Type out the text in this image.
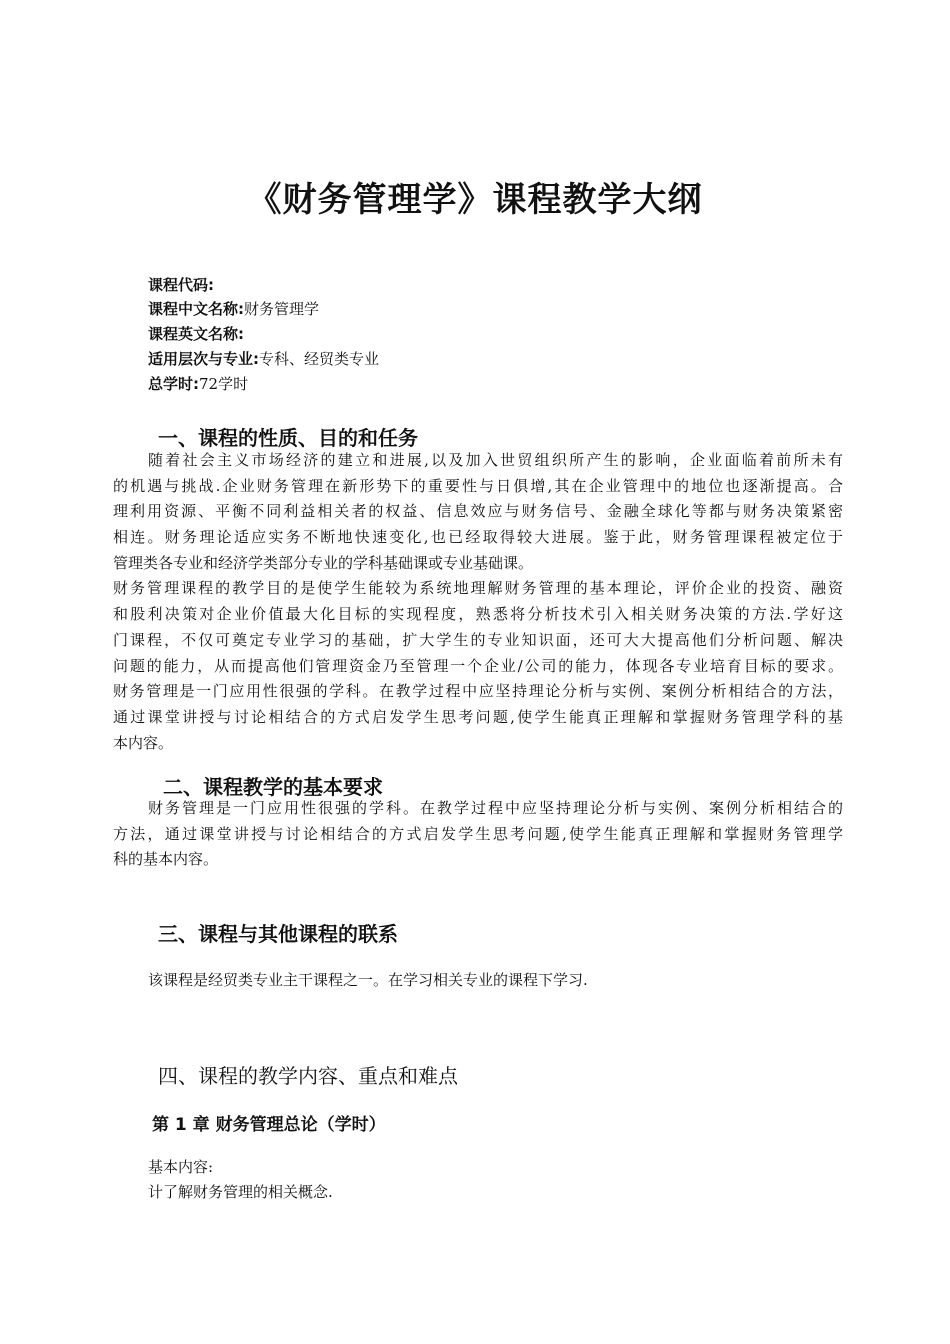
《财务管理学》课程教学大纲
课程代码:
课程中文名称:财务管理学
课程英文名称:
适用层次与专业:专科、经贸类专业
总学时:72学时
一、课程的性质、目的和任务
随着社会主义市场经济的建立和进展,以及加入世贸组织所产生的影响，企业面临着前所未有
的机遇与挑战.企业财务管理在新形势下的重要性与日俱增,其在企业管理中的地位也逐渐提高。合
理利用资源、平衡不同利益相关者的权益、信息效应与财务信号、金融全球化等都与财务决策紧密
相连。财务理论适应实务不断地快速变化,也已经取得较大进展。鉴于此，财务管理课程被定位于
管理类各专业和经济学类部分专业的学科基础课或专业基础课。
财务管理课程的教学目的是使学生能较为系统地理解财务管理的基本理论，评价企业的投资、融资
和股利决策对企业价值最大化目标的实现程度，熟悉将分析技术引入相关财务决策的方法.学好这
门课程，不仅可奠定专业学习的基础，扩大学生的专业知识面，还可大大提高他们分析问题、解决
问题的能力，从而提高他们管理资金乃至管理一个企业/公司的能力，体现各专业培育目标的要求。
财务管理是一门应用性很强的学科。在教学过程中应坚持理论分析与实例、案例分析相结合的方法，
通过课堂讲授与讨论相结合的方式启发学生思考问题,使学生能真正理解和掌握财务管理学科的基
本内容。
二、课程教学的基本要求
财务管理是一门应用性很强的学科。在教学过程中应坚持理论分析与实例、案例分析相结合的
方法，通过课堂讲授与讨论相结合的方式启发学生思考问题,使学生能真正理解和掌握财务管理学
科的基本内容。
三、课程与其他课程的联系
该课程是经贸类专业主干课程之一。在学习相关专业的课程下学习.
四、课程的教学内容、重点和难点
第 1 章 财务管理总论（学时）
基本内容:
计了解财务管理的相关概念.
